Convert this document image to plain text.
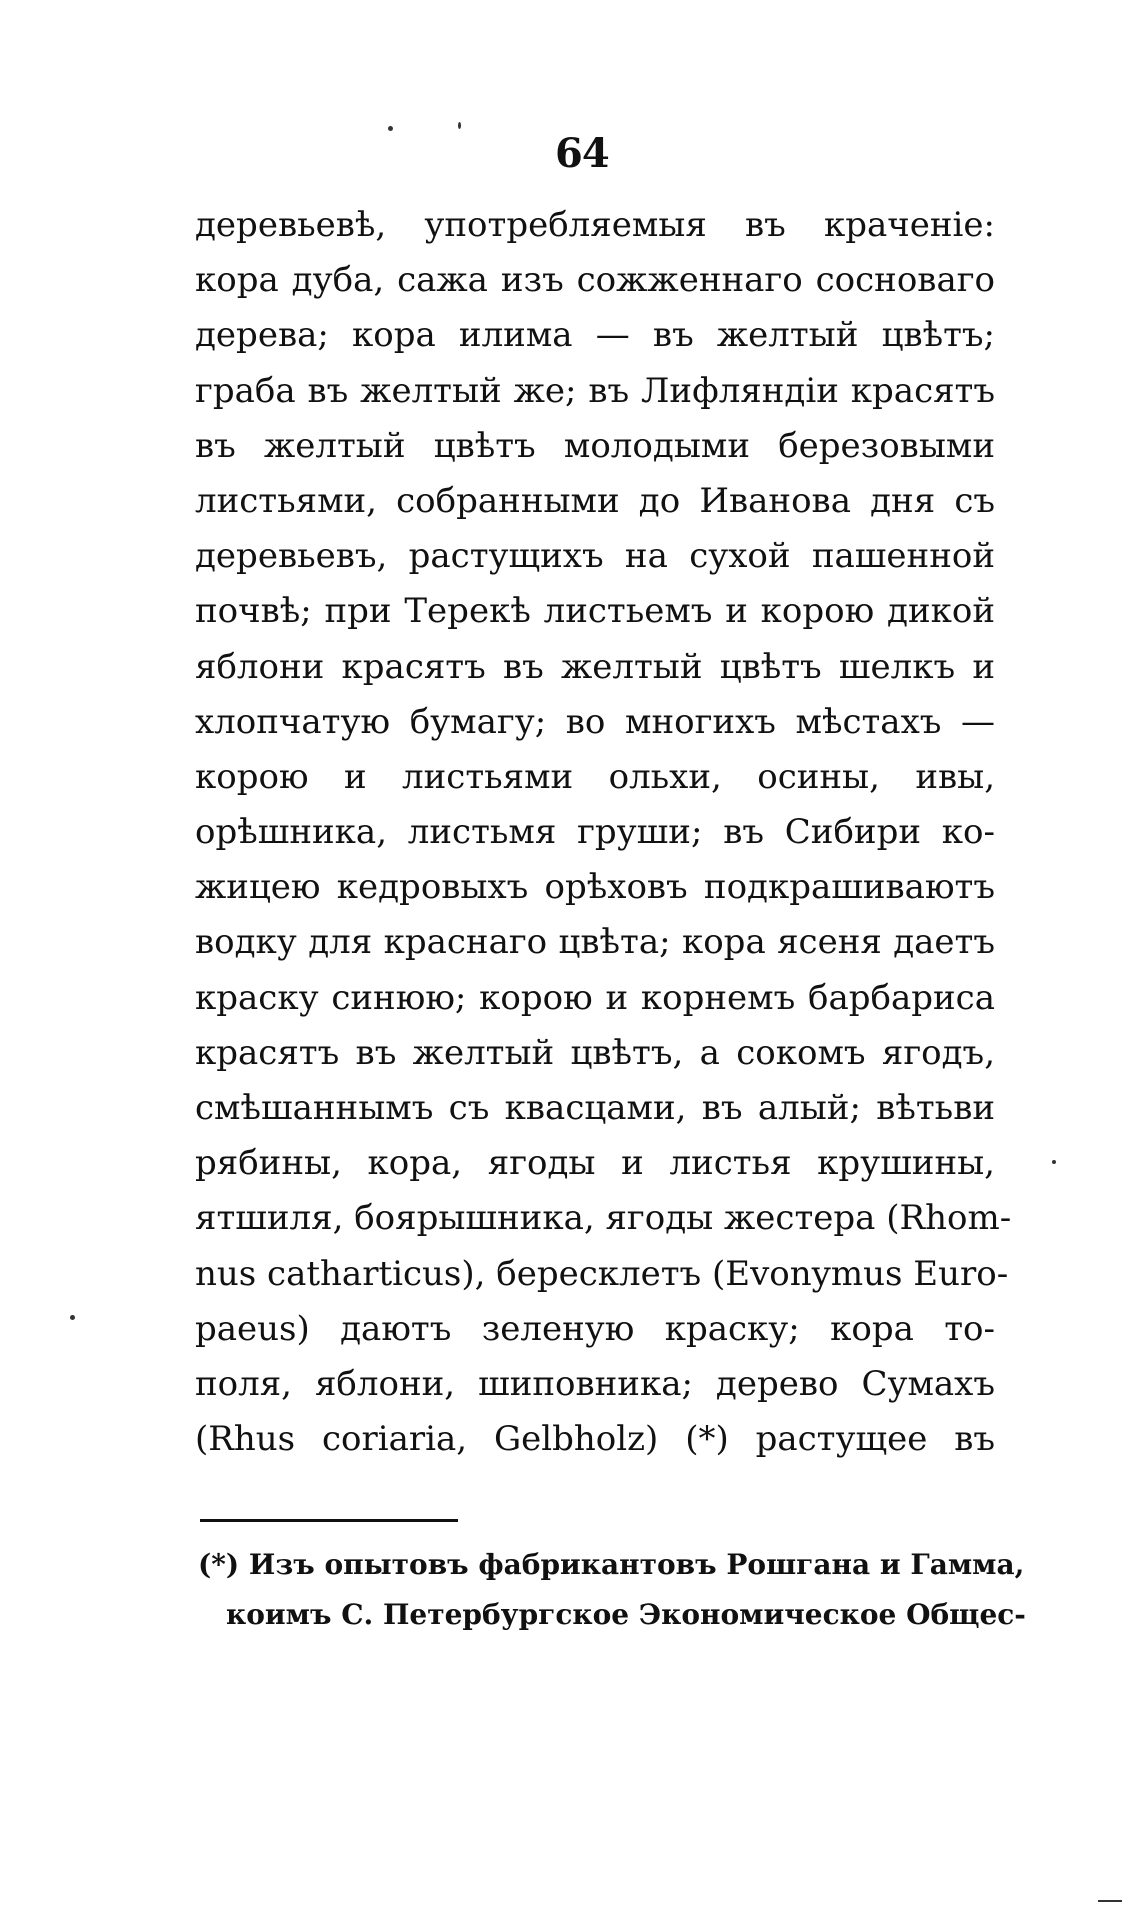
64
деревьевѣ, употребляемыя въ краченіе:
кора дуба, сажа изъ сожженнаго сосноваго
дерева; кора илима — въ желтый цвѣтъ;
граба въ желтый же; въ Лифляндіи красятъ
въ желтый цвѣтъ молодыми березовыми
листьями, собранными до Иванова дня съ
деревьевъ, растущихъ на сухой пашенной
почвѣ; при Терекѣ листьемъ и корою дикой
яблони красятъ въ желтый цвѣтъ шелкъ и
хлопчатую бумагу; во многихъ мѣстахъ —
корою и листьями ольхи, осины, ивы,
орѣшника, листьмя груши; въ Сибири ко-
жицею кедровыхъ орѣховъ подкрашиваютъ
водку для краснаго цвѣта; кора ясеня даетъ
краску синюю; корою и корнемъ барбариса
красятъ въ желтый цвѣтъ, а сокомъ ягодъ,
смѣшаннымъ съ квасцами, въ алый; вѣтьви
рябины, кора, ягоды и листья крушины,
ятшиля, боярышника, ягоды жестера (Rhom-
nus catharticus), бересклетъ (Evonymus Euro-
paeus) даютъ зеленую краску; кора то-
поля, яблони, шиповника; дерево Сумахъ
(Rhus coriaria, Gelbholz) (*) растущее въ
(*) Изъ опытовъ фабрикантовъ Рошгана и Гамма,
коимъ С. Петербургское Экономическое Общес-
